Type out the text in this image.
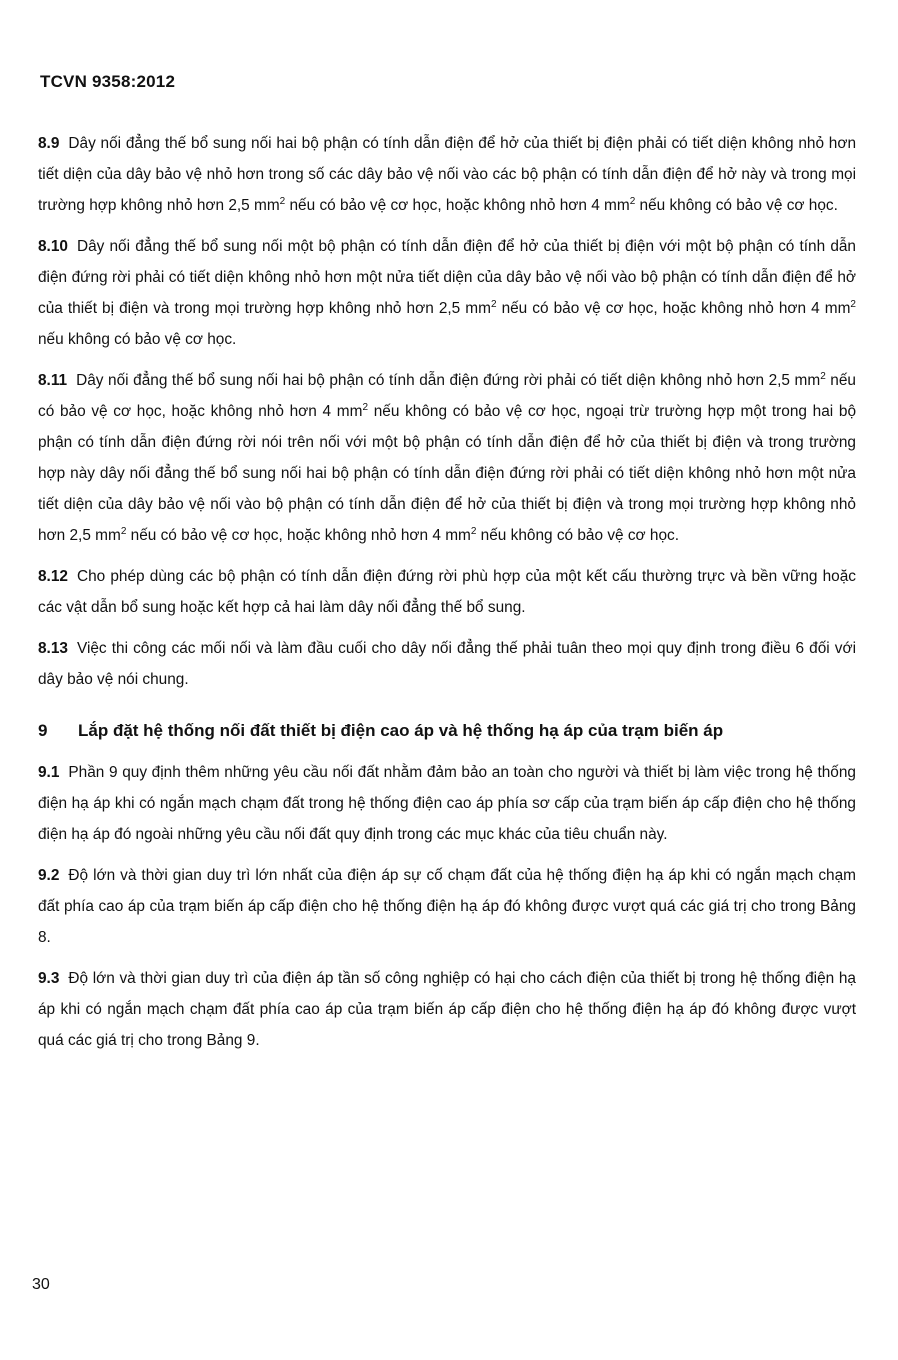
TCVN 9358:2012

8.9 Dây nối đẳng thế bổ sung nối hai bộ phận có tính dẫn điện để hở của thiết bị điện phải có tiết diện không nhỏ hơn tiết diện của dây bảo vệ nhỏ hơn trong số các dây bảo vệ nối vào các bộ phận có tính dẫn điện để hở này và trong mọi trường hợp không nhỏ hơn 2,5 $mm^2$ nếu có bảo vệ cơ học, hoặc không nhỏ hơn 4 $mm^2$ nếu không có bảo vệ cơ học.

8.10 Dây nối đẳng thế bổ sung nối một bộ phận có tính dẫn điện để hở của thiết bị điện với một bộ phận có tính dẫn điện đứng rời phải có tiết diện không nhỏ hơn một nửa tiết diện của dây bảo vệ nối vào bộ phận có tính dẫn điện để hở của thiết bị điện và trong mọi trường hợp không nhỏ hơn 2,5 $mm^2$ nếu có bảo vệ cơ học, hoặc không nhỏ hơn 4 $mm^2$ nếu không có bảo vệ cơ học.

8.11 Dây nối đẳng thế bổ sung nối hai bộ phận có tính dẫn điện đứng rời phải có tiết diện không nhỏ hơn 2,5 $mm^2$ nếu có bảo vệ cơ học, hoặc không nhỏ hơn 4 $mm^2$ nếu không có bảo vệ cơ học, ngoại trừ trường hợp một trong hai bộ phận có tính dẫn điện đứng rời nói trên nối với một bộ phận có tính dẫn điện để hở của thiết bị điện và trong trường hợp này dây nối đẳng thế bổ sung nối hai bộ phận có tính dẫn điện đứng rời phải có tiết diện không nhỏ hơn một nửa tiết diện của dây bảo vệ nối vào bộ phận có tính dẫn điện để hở của thiết bị điện và trong mọi trường hợp không nhỏ hơn 2,5 $mm^2$ nếu có bảo vệ cơ học, hoặc không nhỏ hơn 4 $mm^2$ nếu không có bảo vệ cơ học.

8.12 Cho phép dùng các bộ phận có tính dẫn điện đứng rời phù hợp của một kết cấu thường trực và bền vững hoặc các vật dẫn bổ sung hoặc kết hợp cả hai làm dây nối đẳng thế bổ sung.

8.13 Việc thi công các mối nối và làm đầu cuối cho dây nối đẳng thế phải tuân theo mọi quy định trong điều 6 đối với dây bảo vệ nói chung.

9 Lắp đặt hệ thống nối đất thiết bị điện cao áp và hệ thống hạ áp của trạm biến áp

9.1 Phần 9 quy định thêm những yêu cầu nối đất nhằm đảm bảo an toàn cho người và thiết bị làm việc trong hệ thống điện hạ áp khi có ngắn mạch chạm đất trong hệ thống điện cao áp phía sơ cấp của trạm biến áp cấp điện cho hệ thống điện hạ áp đó ngoài những yêu cầu nối đất quy định trong các mục khác của tiêu chuẩn này.

9.2 Độ lớn và thời gian duy trì lớn nhất của điện áp sự cố chạm đất của hệ thống điện hạ áp khi có ngắn mạch chạm đất phía cao áp của trạm biến áp cấp điện cho hệ thống điện hạ áp đó không được vượt quá các giá trị cho trong Bảng 8.

9.3 Độ lớn và thời gian duy trì của điện áp tần số công nghiệp có hại cho cách điện của thiết bị trong hệ thống điện hạ áp khi có ngắn mạch chạm đất phía cao áp của trạm biến áp cấp điện cho hệ thống điện hạ áp đó không được vượt quá các giá trị cho trong Bảng 9.

30
